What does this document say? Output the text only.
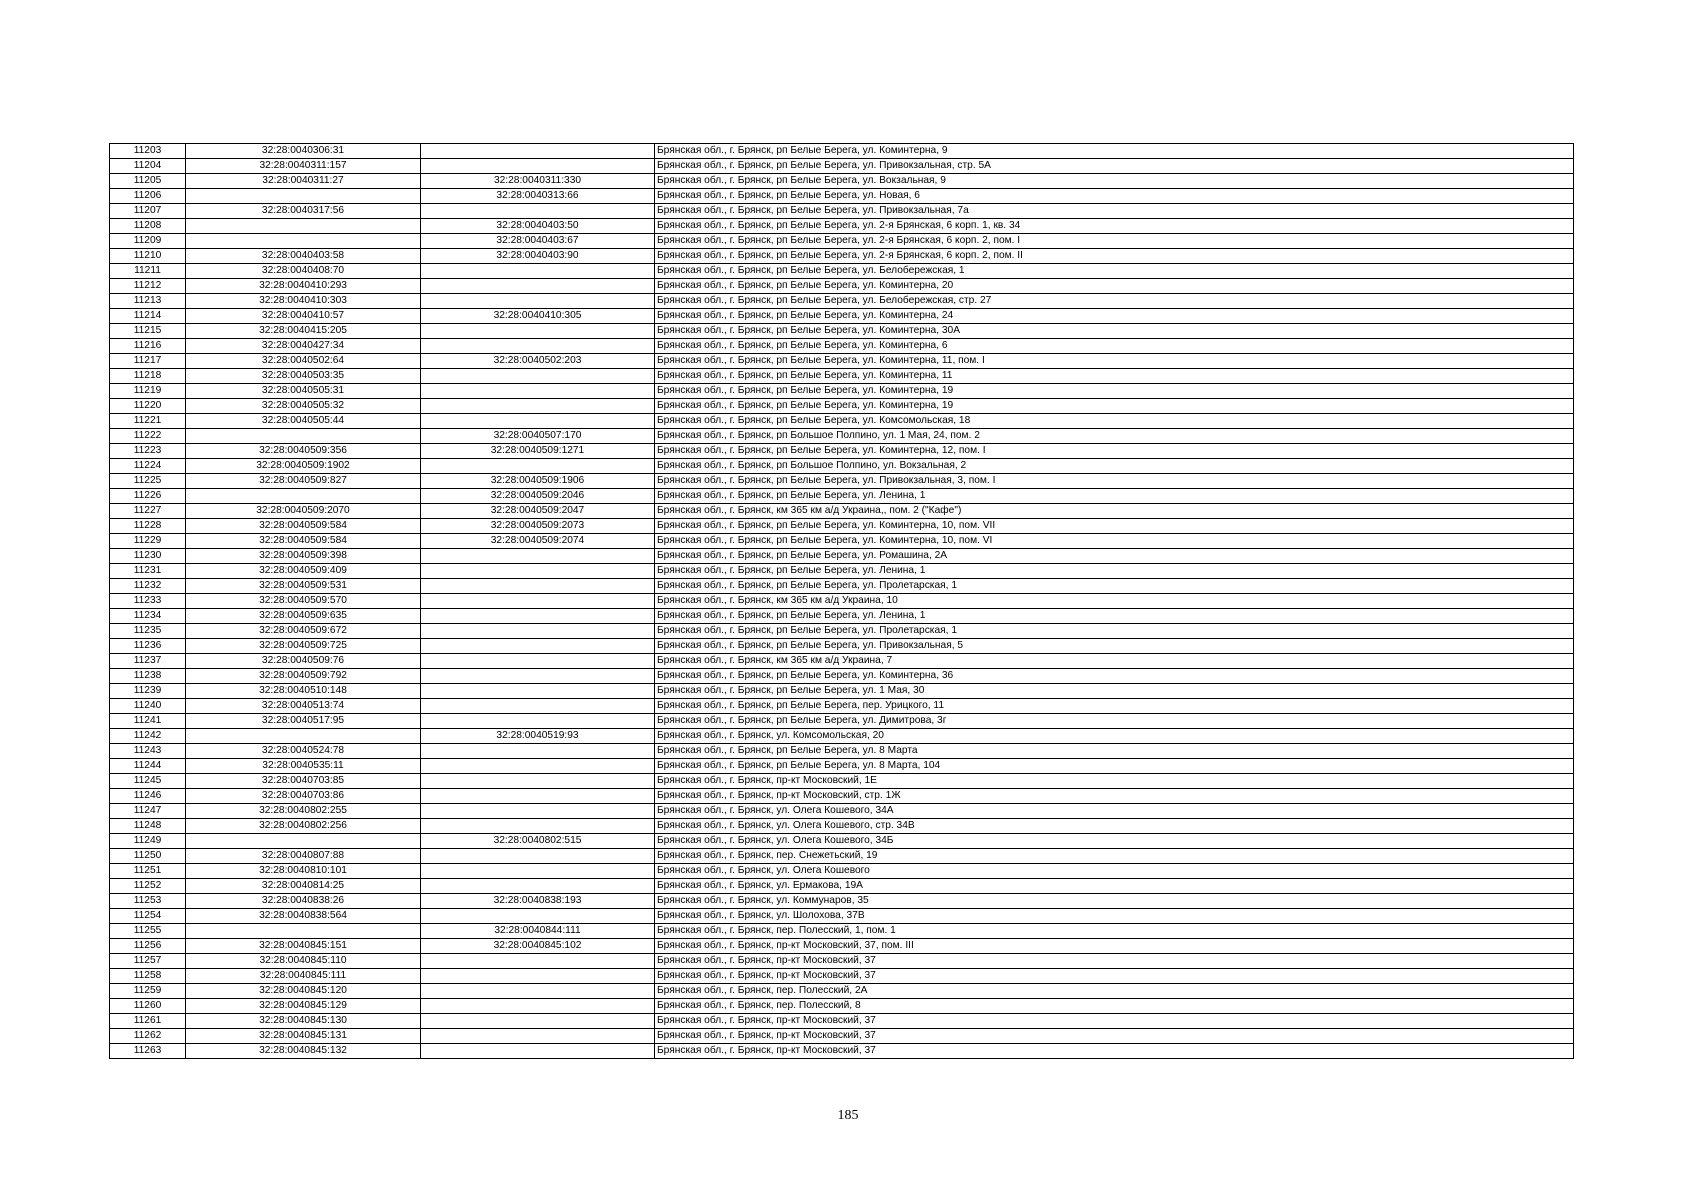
11203	32:28:0040306:31		Брянская обл., г. Брянск, рп Белые Берега, ул. Коминтерна, 9
11204	32:28:0040311:157		Брянская обл., г. Брянск, рп Белые Берега, ул. Привокзальная, стр. 5А
11205	32:28:0040311:27	32:28:0040311:330	Брянская обл., г. Брянск, рп Белые Берега, ул. Вокзальная, 9
11206		32:28:0040313:66	Брянская обл., г. Брянск, рп Белые Берега, ул. Новая, 6
11207	32:28:0040317:56		Брянская обл., г. Брянск, рп Белые Берега, ул. Привокзальная, 7а
11208		32:28:0040403:50	Брянская обл., г. Брянск, рп Белые Берега, ул. 2-я Брянская, 6 корп. 1, кв. 34
11209		32:28:0040403:67	Брянская обл., г. Брянск, рп Белые Берега, ул. 2-я Брянская, 6 корп. 2, пом. I
11210	32:28:0040403:58	32:28:0040403:90	Брянская обл., г. Брянск, рп Белые Берега, ул. 2-я Брянская, 6 корп. 2, пом. II
11211	32:28:0040408:70		Брянская обл., г. Брянск, рп Белые Берега, ул. Белобережская, 1
11212	32:28:0040410:293		Брянская обл., г. Брянск, рп Белые Берега, ул. Коминтерна, 20
11213	32:28:0040410:303		Брянская обл., г. Брянск, рп Белые Берега, ул. Белобережская, стр. 27
11214	32:28:0040410:57	32:28:0040410:305	Брянская обл., г. Брянск, рп Белые Берега, ул. Коминтерна, 24
11215	32:28:0040415:205		Брянская обл., г. Брянск, рп Белые Берега, ул. Коминтерна, 30А
11216	32:28:0040427:34		Брянская обл., г. Брянск, рп Белые Берега, ул. Коминтерна, 6
11217	32:28:0040502:64	32:28:0040502:203	Брянская обл., г. Брянск, рп Белые Берега, ул. Коминтерна, 11, пом. I
11218	32:28:0040503:35		Брянская обл., г. Брянск, рп Белые Берега, ул. Коминтерна, 11
11219	32:28:0040505:31		Брянская обл., г. Брянск, рп Белые Берега, ул. Коминтерна, 19
11220	32:28:0040505:32		Брянская обл., г. Брянск, рп Белые Берега, ул. Коминтерна, 19
11221	32:28:0040505:44		Брянская обл., г. Брянск, рп Белые Берега, ул. Комсомольская, 18
11222		32:28:0040507:170	Брянская обл., г. Брянск, рп Большое Полпино, ул. 1 Мая, 24, пом. 2
11223	32:28:0040509:356	32:28:0040509:1271	Брянская обл., г. Брянск, рп Белые Берега, ул. Коминтерна, 12, пом. I
11224	32:28:0040509:1902		Брянская обл., г. Брянск, рп Большое Полпино, ул. Вокзальная, 2
11225	32:28:0040509:827	32:28:0040509:1906	Брянская обл., г. Брянск, рп Белые Берега, ул. Привокзальная, 3, пом. I
11226		32:28:0040509:2046	Брянская обл., г. Брянск, рп Белые Берега, ул. Ленина, 1
11227	32:28:0040509:2070	32:28:0040509:2047	Брянская обл., г. Брянск, км 365 км а/д Украина,, пом. 2 ("Кафе")
11228	32:28:0040509:584	32:28:0040509:2073	Брянская обл., г. Брянск, рп Белые Берега, ул. Коминтерна, 10, пом. VII
11229	32:28:0040509:584	32:28:0040509:2074	Брянская обл., г. Брянск, рп Белые Берега, ул. Коминтерна, 10, пом. VI
11230	32:28:0040509:398		Брянская обл., г. Брянск, рп Белые Берега, ул. Ромашина, 2А
11231	32:28:0040509:409		Брянская обл., г. Брянск, рп Белые Берега, ул. Ленина, 1
11232	32:28:0040509:531		Брянская обл., г. Брянск, рп Белые Берега, ул. Пролетарская, 1
11233	32:28:0040509:570		Брянская обл., г. Брянск, км 365 км а/д Украина, 10
11234	32:28:0040509:635		Брянская обл., г. Брянск, рп Белые Берега, ул. Ленина, 1
11235	32:28:0040509:672		Брянская обл., г. Брянск, рп Белые Берега, ул. Пролетарская, 1
11236	32:28:0040509:725		Брянская обл., г. Брянск, рп Белые Берега, ул. Привокзальная, 5
11237	32:28:0040509:76		Брянская обл., г. Брянск, км 365 км а/д Украина, 7
11238	32:28:0040509:792		Брянская обл., г. Брянск, рп Белые Берега, ул. Коминтерна, 36
11239	32:28:0040510:148		Брянская обл., г. Брянск, рп Белые Берега, ул. 1 Мая, 30
11240	32:28:0040513:74		Брянская обл., г. Брянск, рп Белые Берега, пер. Урицкого, 11
11241	32:28:0040517:95		Брянская обл., г. Брянск, рп Белые Берега, ул. Димитрова, 3г
11242		32:28:0040519:93	Брянская обл., г. Брянск, ул. Комсомольская, 20
11243	32:28:0040524:78		Брянская обл., г. Брянск, рп Белые Берега, ул. 8 Марта
11244	32:28:0040535:11		Брянская обл., г. Брянск, рп Белые Берега, ул. 8 Марта, 104
11245	32:28:0040703:85		Брянская обл., г. Брянск, пр-кт Московский, 1Е
11246	32:28:0040703:86		Брянская обл., г. Брянск, пр-кт Московский, стр. 1Ж
11247	32:28:0040802:255		Брянская обл., г. Брянск, ул. Олега Кошевого, 34А
11248	32:28:0040802:256		Брянская обл., г. Брянск, ул. Олега Кошевого, стр. 34В
11249		32:28:0040802:515	Брянская обл., г. Брянск, ул. Олега Кошевого, 34Б
11250	32:28:0040807:88		Брянская обл., г. Брянск, пер. Снежетьский, 19
11251	32:28:0040810:101		Брянская обл., г. Брянск, ул. Олега Кошевого
11252	32:28:0040814:25		Брянская обл., г. Брянск, ул. Ермакова, 19А
11253	32:28:0040838:26	32:28:0040838:193	Брянская обл., г. Брянск, ул. Коммунаров, 35
11254	32:28:0040838:564		Брянская обл., г. Брянск, ул. Шолохова, 37В
11255		32:28:0040844:111	Брянская обл., г. Брянск, пер. Полесский, 1, пом. 1
11256	32:28:0040845:151	32:28:0040845:102	Брянская обл., г. Брянск, пр-кт Московский, 37, пом. III
11257	32:28:0040845:110		Брянская обл., г. Брянск, пр-кт Московский, 37
11258	32:28:0040845:111		Брянская обл., г. Брянск, пр-кт Московский, 37
11259	32:28:0040845:120		Брянская обл., г. Брянск, пер. Полесский, 2А
11260	32:28:0040845:129		Брянская обл., г. Брянск, пер. Полесский, 8
11261	32:28:0040845:130		Брянская обл., г. Брянск, пр-кт Московский, 37
11262	32:28:0040845:131		Брянская обл., г. Брянск, пр-кт Московский, 37
11263	32:28:0040845:132		Брянская обл., г. Брянск, пр-кт Московский, 37
185
